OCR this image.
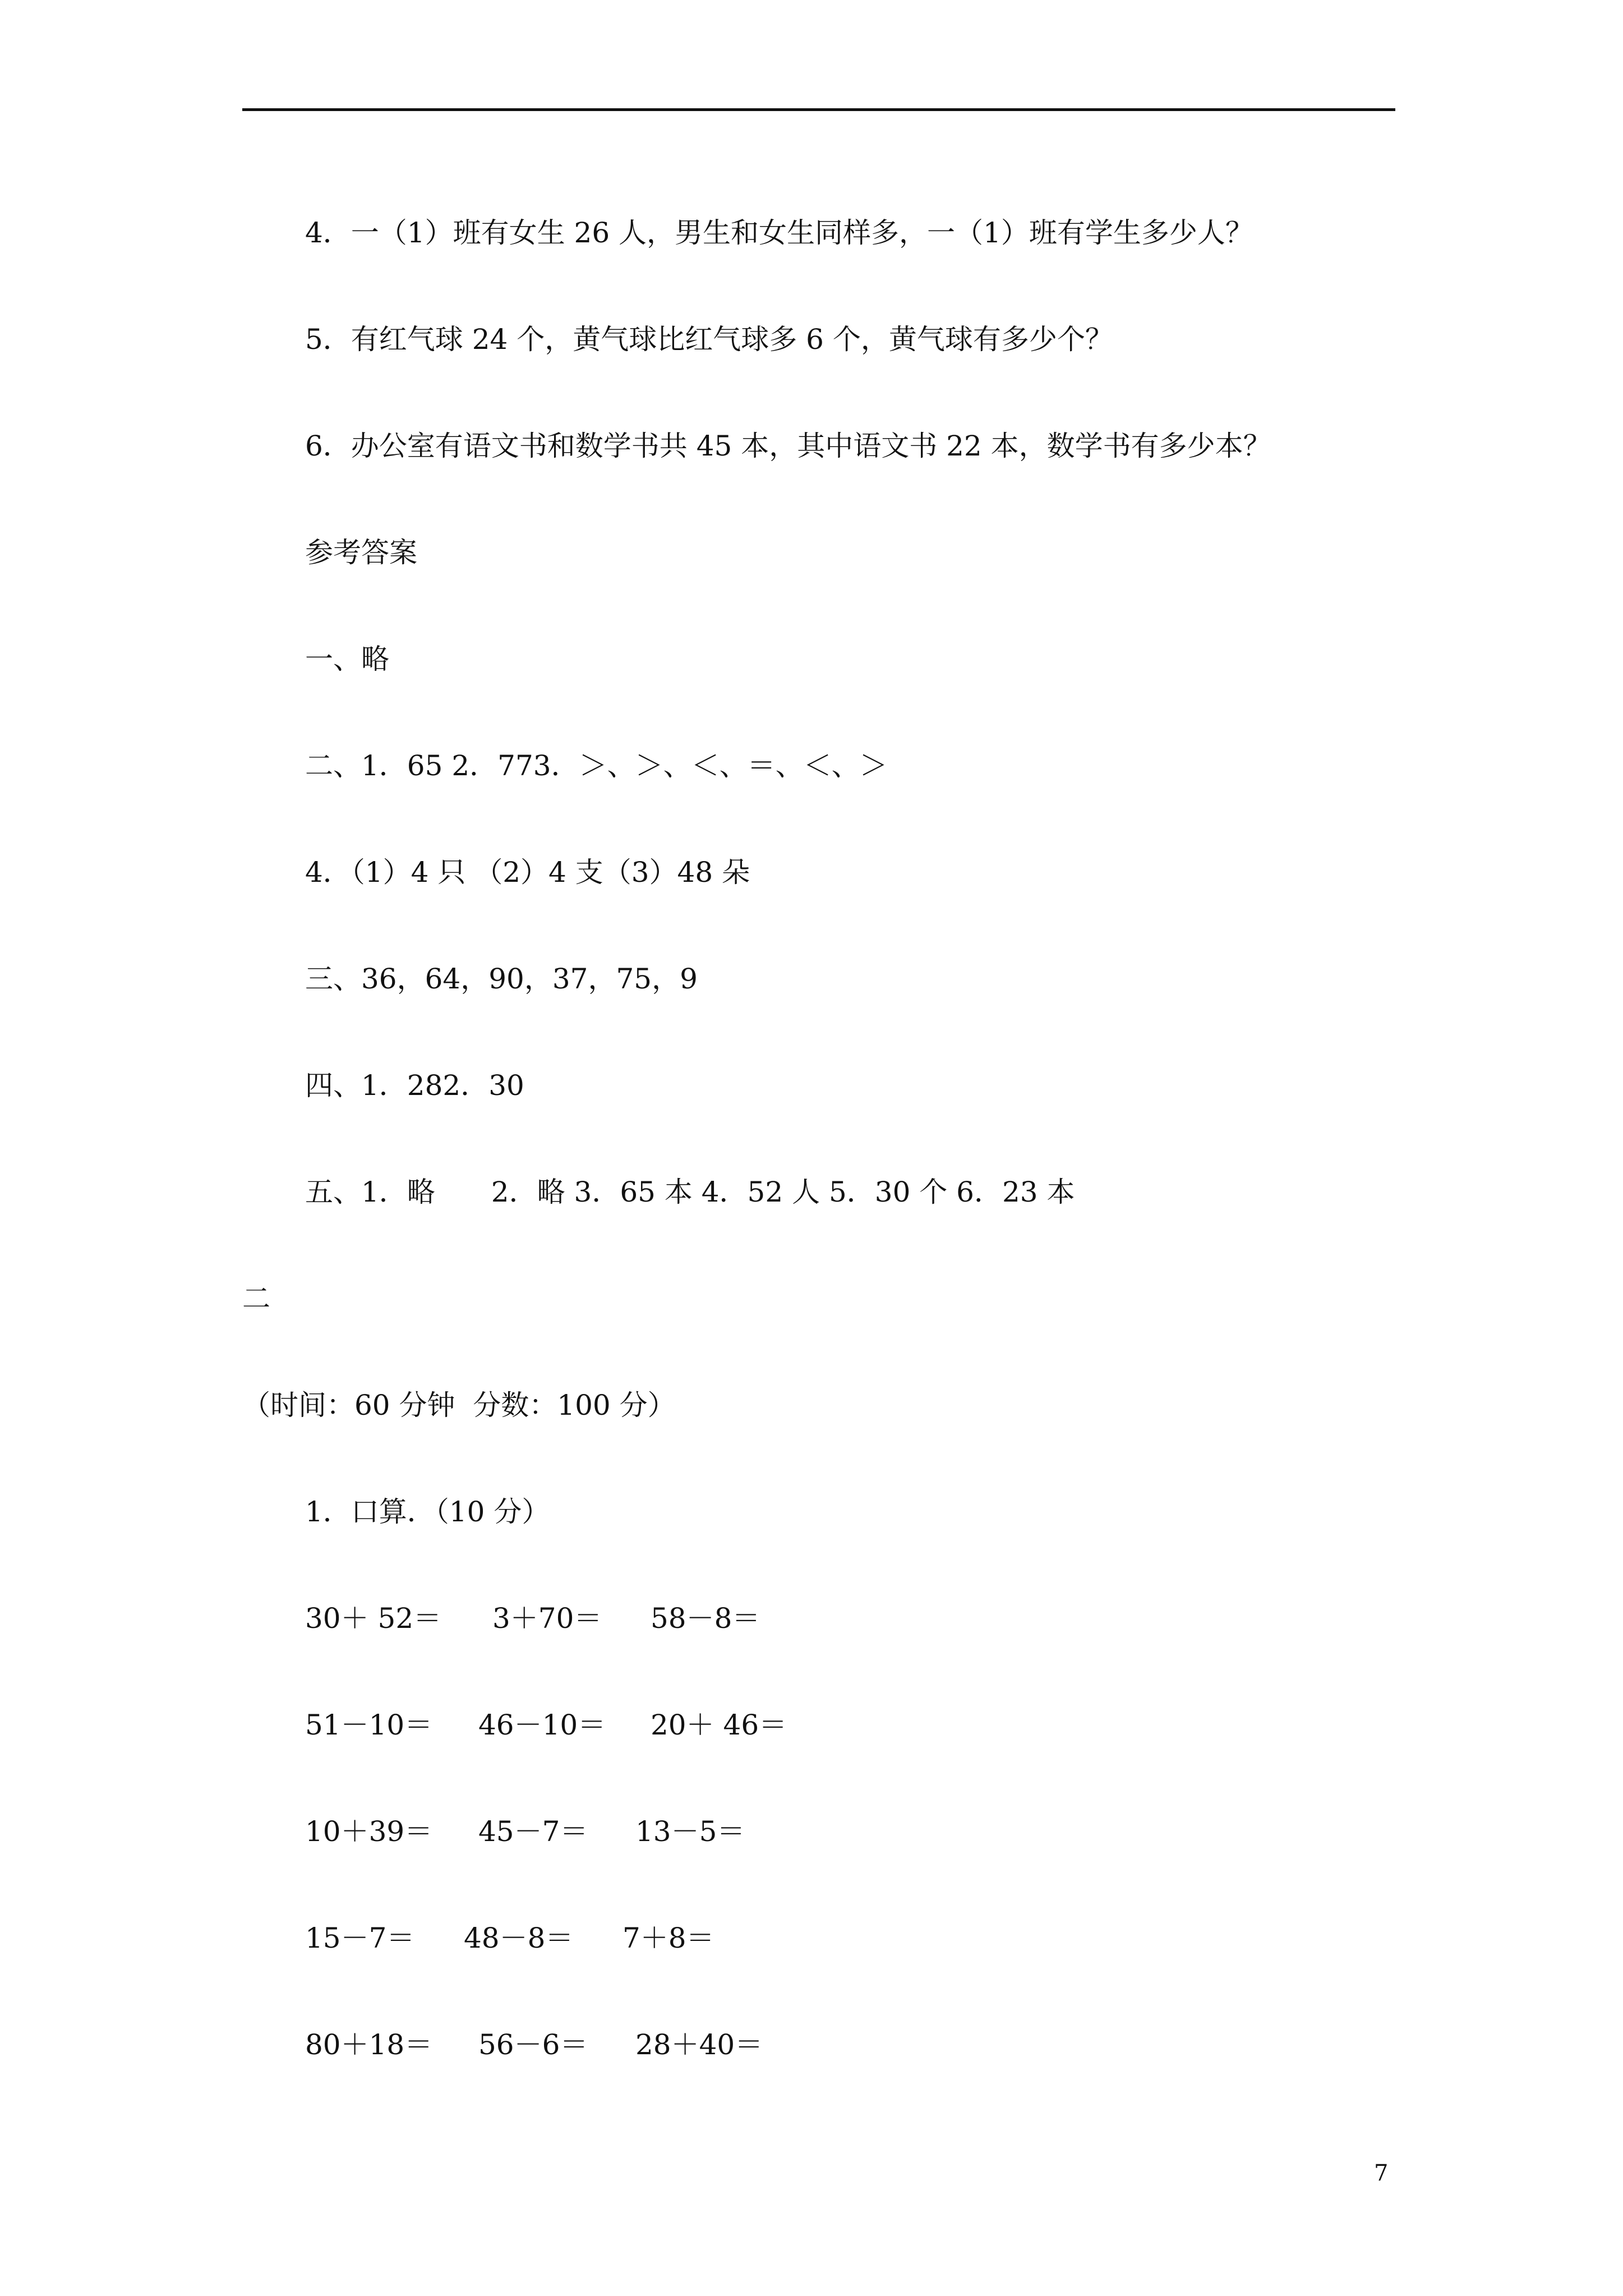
4．一（1）班有女生 26 人，男生和女生同样多，一（1）班有学生多少人？

5．有红气球 24 个，黄气球比红气球多 6 个，黄气球有多少个？

6．办公室有语文书和数学书共 45 本，其中语文书 22 本，数学书有多少本？

参考答案

一、略

二、1．65 2．773．＞、＞、＜、＝、＜、＞

4．（1）4 只 （2）4 支（3）48 朵

三、36，64，90，37，75，9

四、1．282．30

五、1．略　　2．略 3．65 本 4．52 人 5．30 个 6．23 本

二

（时间：60 分钟  分数：100 分）

1．口算．（10 分）

30＋ 52＝ 3＋70＝ 58－8＝

51－10＝ 46－10＝ 20＋ 46＝

10＋39＝ 45－7＝ 13－5＝

15－7＝ 48－8＝ 7＋8＝

80＋18＝ 56－6＝ 28＋40＝

7
